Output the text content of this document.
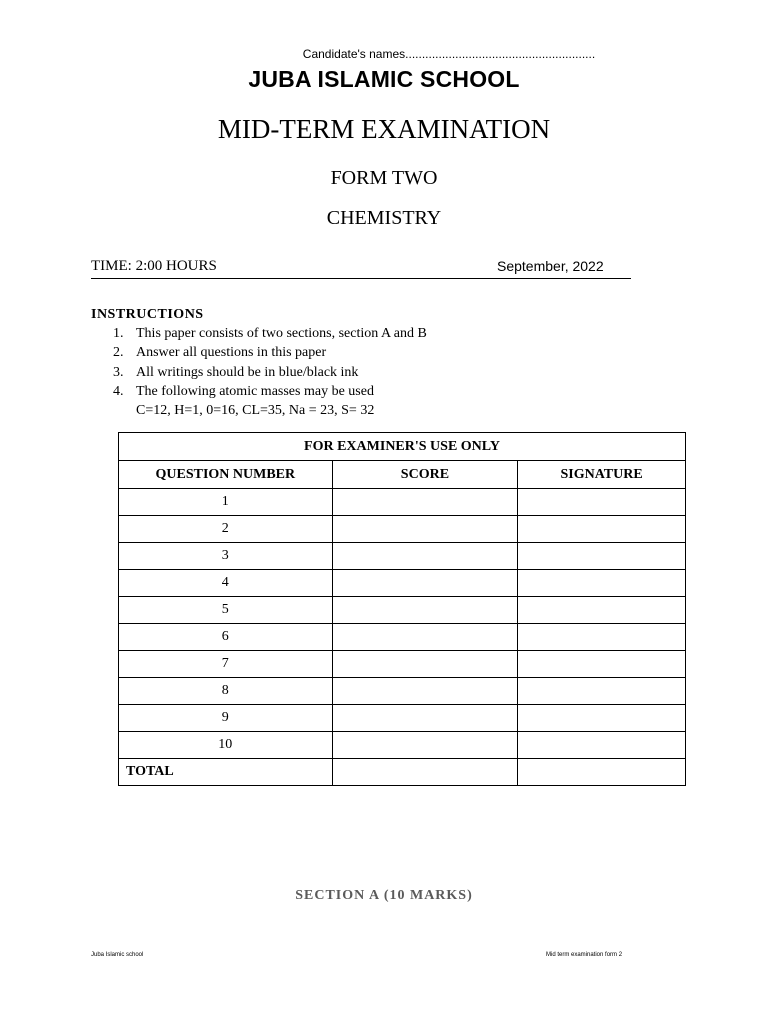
Candidate's names.........................................................
JUBA ISLAMIC SCHOOL
MID-TERM EXAMINATION
FORM TWO
CHEMISTRY
TIME: 2:00 HOURS	September, 2022
INSTRUCTIONS
1. This paper consists of two sections, section A and B
2. Answer all questions in this paper
3. All writings should be in blue/black ink
4. The following atomic masses may be used
C=12, H=1, 0=16, CL=35, Na = 23, S= 32
FOR EXAMINER'S USE ONLY		
QUESTION NUMBER	SCORE	SIGNATURE
1		
2		
3		
4		
5		
6		
7		
8		
9		
10		
TOTAL		
SECTION A (10 MARKS)
Juba Islamic school	Mid term examination form 2
